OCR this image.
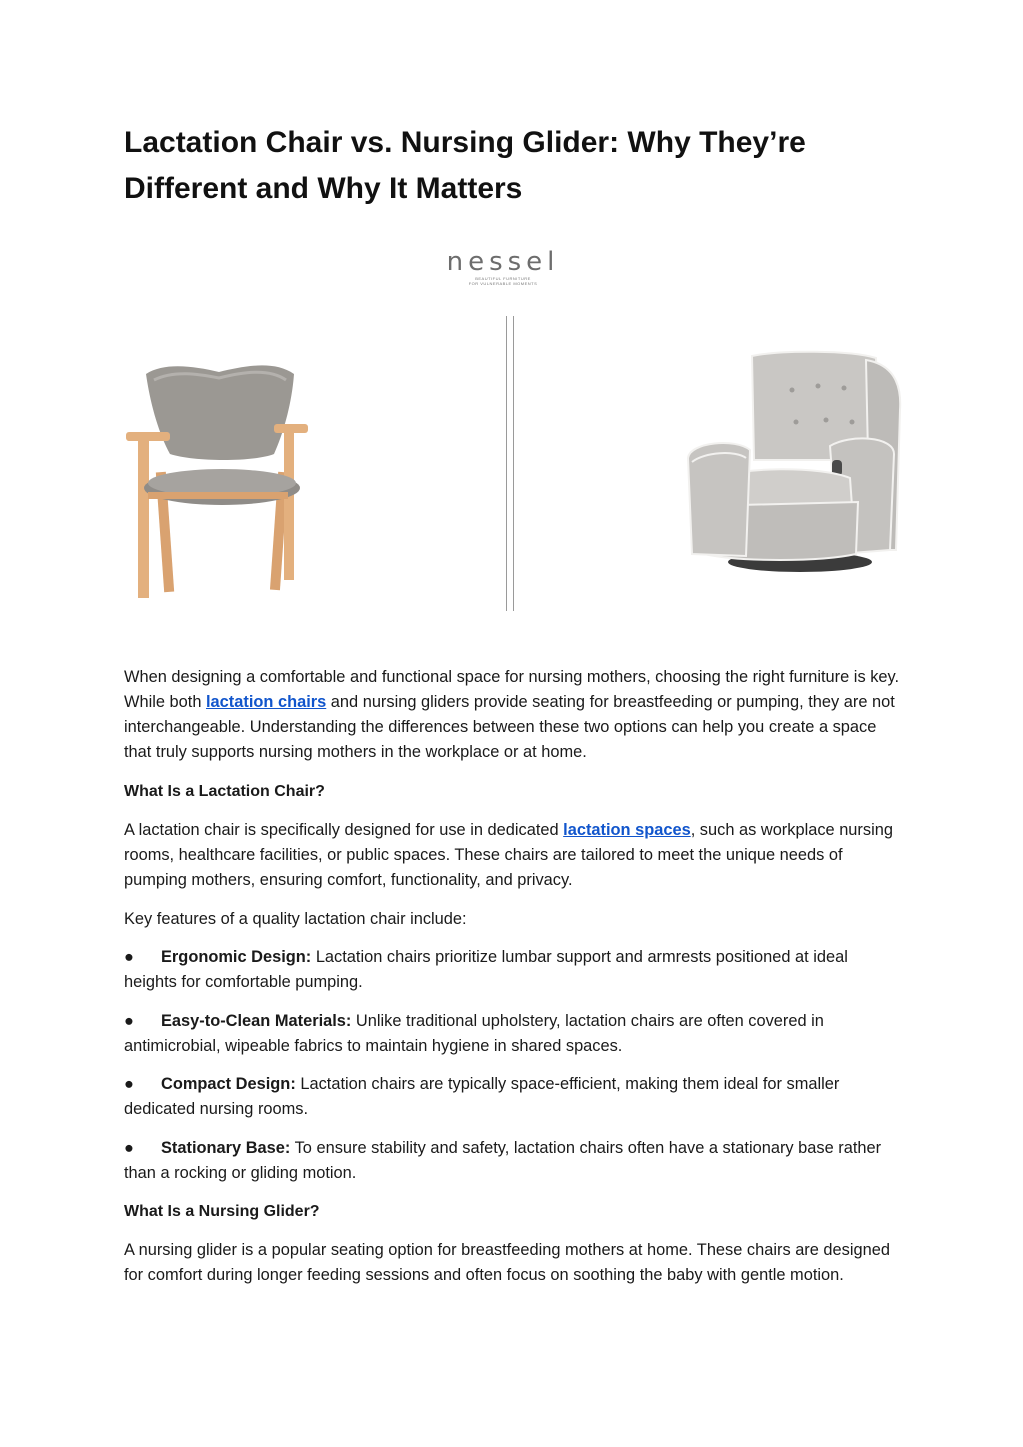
Lactation Chair vs. Nursing Glider: Why They’re Different and Why It Matters
nessel
BEAUTIFUL FURNITURE
FOR VULNERABLE MOMENTS

When designing a comfortable and functional space for nursing mothers, choosing the right furniture is key. While both lactation chairs and nursing gliders provide seating for breastfeeding or pumping, they are not interchangeable. Understanding the differences between these two options can help you create a space that truly supports nursing mothers in the workplace or at home.

What Is a Lactation Chair?

A lactation chair is specifically designed for use in dedicated lactation spaces, such as workplace nursing rooms, healthcare facilities, or public spaces. These chairs are tailored to meet the unique needs of pumping mothers, ensuring comfort, functionality, and privacy.

Key features of a quality lactation chair include:

● Ergonomic Design: Lactation chairs prioritize lumbar support and armrests positioned at ideal heights for comfortable pumping.

● Easy-to-Clean Materials: Unlike traditional upholstery, lactation chairs are often covered in antimicrobial, wipeable fabrics to maintain hygiene in shared spaces.

● Compact Design: Lactation chairs are typically space-efficient, making them ideal for smaller dedicated nursing rooms.

● Stationary Base: To ensure stability and safety, lactation chairs often have a stationary base rather than a rocking or gliding motion.

What Is a Nursing Glider?

A nursing glider is a popular seating option for breastfeeding mothers at home. These chairs are designed for comfort during longer feeding sessions and often focus on soothing the baby with gentle motion.
